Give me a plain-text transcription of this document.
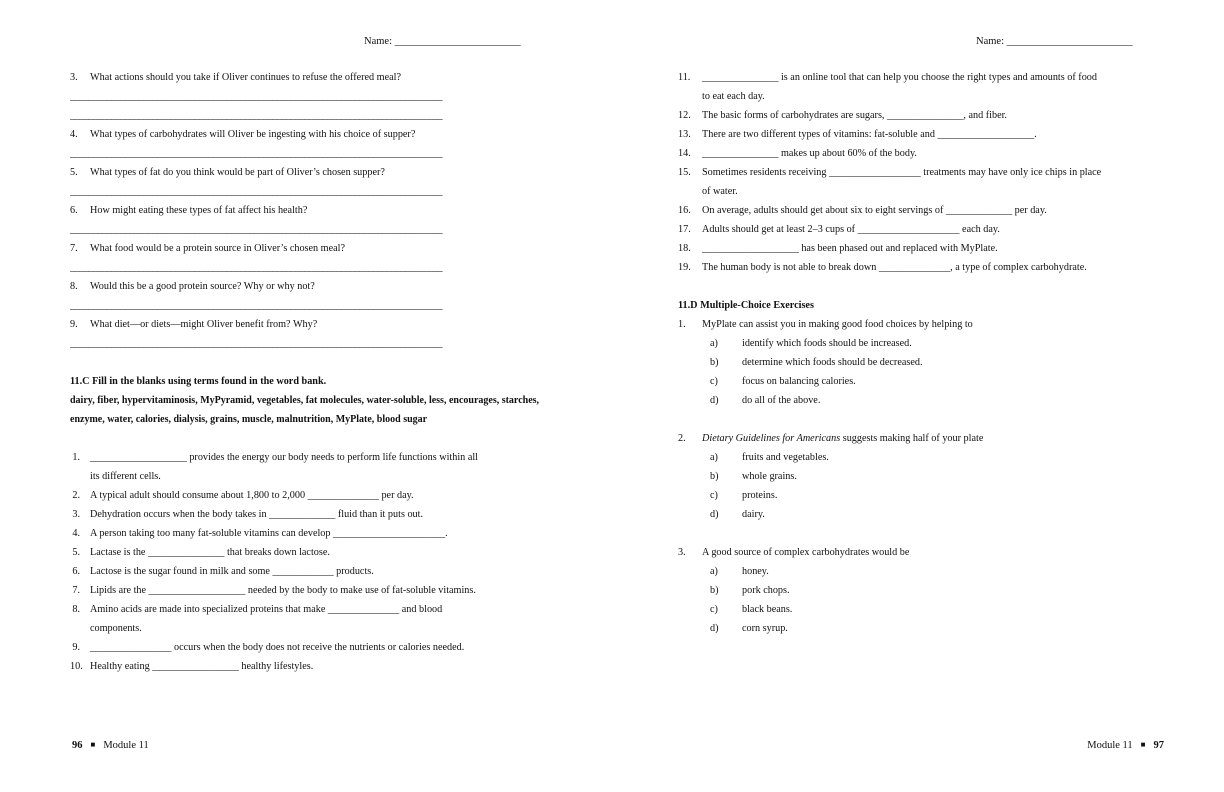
Name: ________________________
3.	What actions should you take if Oliver continues to refuse the offered meal?
_________________________________________________________________________________
_________________________________________________________________________________
4.	What types of carbohydrates will Oliver be ingesting with his choice of supper?
_________________________________________________________________________________
5.	What types of fat do you think would be part of Oliver’s chosen supper?
_________________________________________________________________________________
6.	How might eating these types of fat affect his health?
_________________________________________________________________________________
7.	What food would be a protein source in Oliver’s chosen meal?
_________________________________________________________________________________
8.	Would this be a good protein source? Why or why not?
_________________________________________________________________________________
9.	What diet—or diets—might Oliver benefit from? Why?
_________________________________________________________________________________
11.C Fill in the blanks using terms found in the word bank.
dairy, fiber, hypervitaminosis, MyPyramid, vegetables, fat molecules, water-soluble, less, encourages, starches, enzyme, water, calories, dialysis, grains, muscle, malnutrition, MyPlate, blood sugar
1. ___________________ provides the energy our body needs to perform life functions within all
its different cells.
2. A typical adult should consume about 1,800 to 2,000 ______________ per day.
3. Dehydration occurs when the body takes in _____________ fluid than it puts out.
4. A person taking too many fat-soluble vitamins can develop ______________________.
5. Lactase is the _______________ that breaks down lactose.
6. Lactose is the sugar found in milk and some ____________ products.
7. Lipids are the ___________________ needed by the body to make use of fat-soluble vitamins.
8. Amino acids are made into specialized proteins that make ______________ and blood
components.
9. ________________ occurs when the body does not receive the nutrients or calories needed.
10. Healthy eating _________________ healthy lifestyles.
96 ■ Module 11
Name: ________________________
11.	_______________ is an online tool that can help you choose the right types and amounts of food
to eat each day.
12.	The basic forms of carbohydrates are sugars, _______________, and fiber.
13.	There are two different types of vitamins: fat-soluble and ___________________.
14.	_______________ makes up about 60% of the body.
15.	Sometimes residents receiving __________________ treatments may have only ice chips in place
of water.
16.	On average, adults should get about six to eight servings of _____________ per day.
17.	Adults should get at least 2–3 cups of ____________________ each day.
18.	___________________ has been phased out and replaced with MyPlate.
19.	The human body is not able to break down ______________, a type of complex carbohydrate.
11.D Multiple-Choice Exercises
1.	MyPlate can assist you in making good food choices by helping to
a)	identify which foods should be increased.
b)	determine which foods should be decreased.
c)	focus on balancing calories.
d)	do all of the above.
2.	Dietary Guidelines for Americans suggests making half of your plate
a)	fruits and vegetables.
b)	whole grains.
c)	proteins.
d)	dairy.
3.	A good source of complex carbohydrates would be
a)	honey.
b)	pork chops.
c)	black beans.
d)	corn syrup.
Module 11 ■ 97
